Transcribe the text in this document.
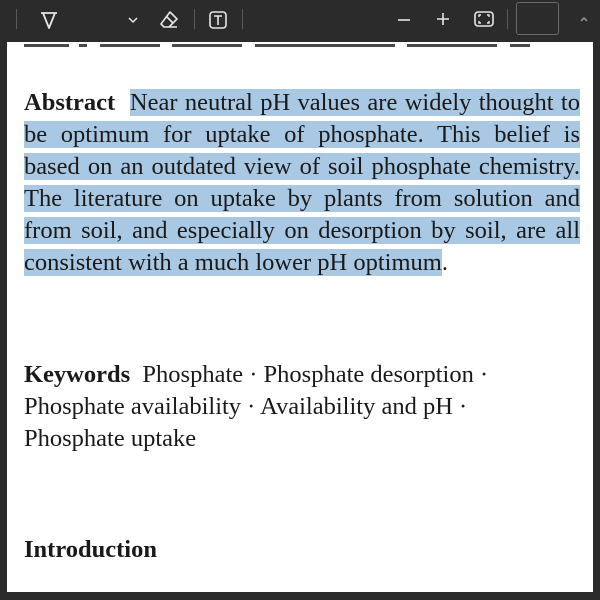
Abstract Near neutral pH values are widely thought to be optimum for uptake of phosphate. This belief is based on an outdated view of soil phosphate chemistry. The literature on uptake by plants from solution and from soil, and especially on desorption by soil, are all consistent with a much lower pH optimum.
Keywords Phosphate · Phosphate desorption · Phosphate availability · Availability and pH · Phosphate uptake
Introduction
